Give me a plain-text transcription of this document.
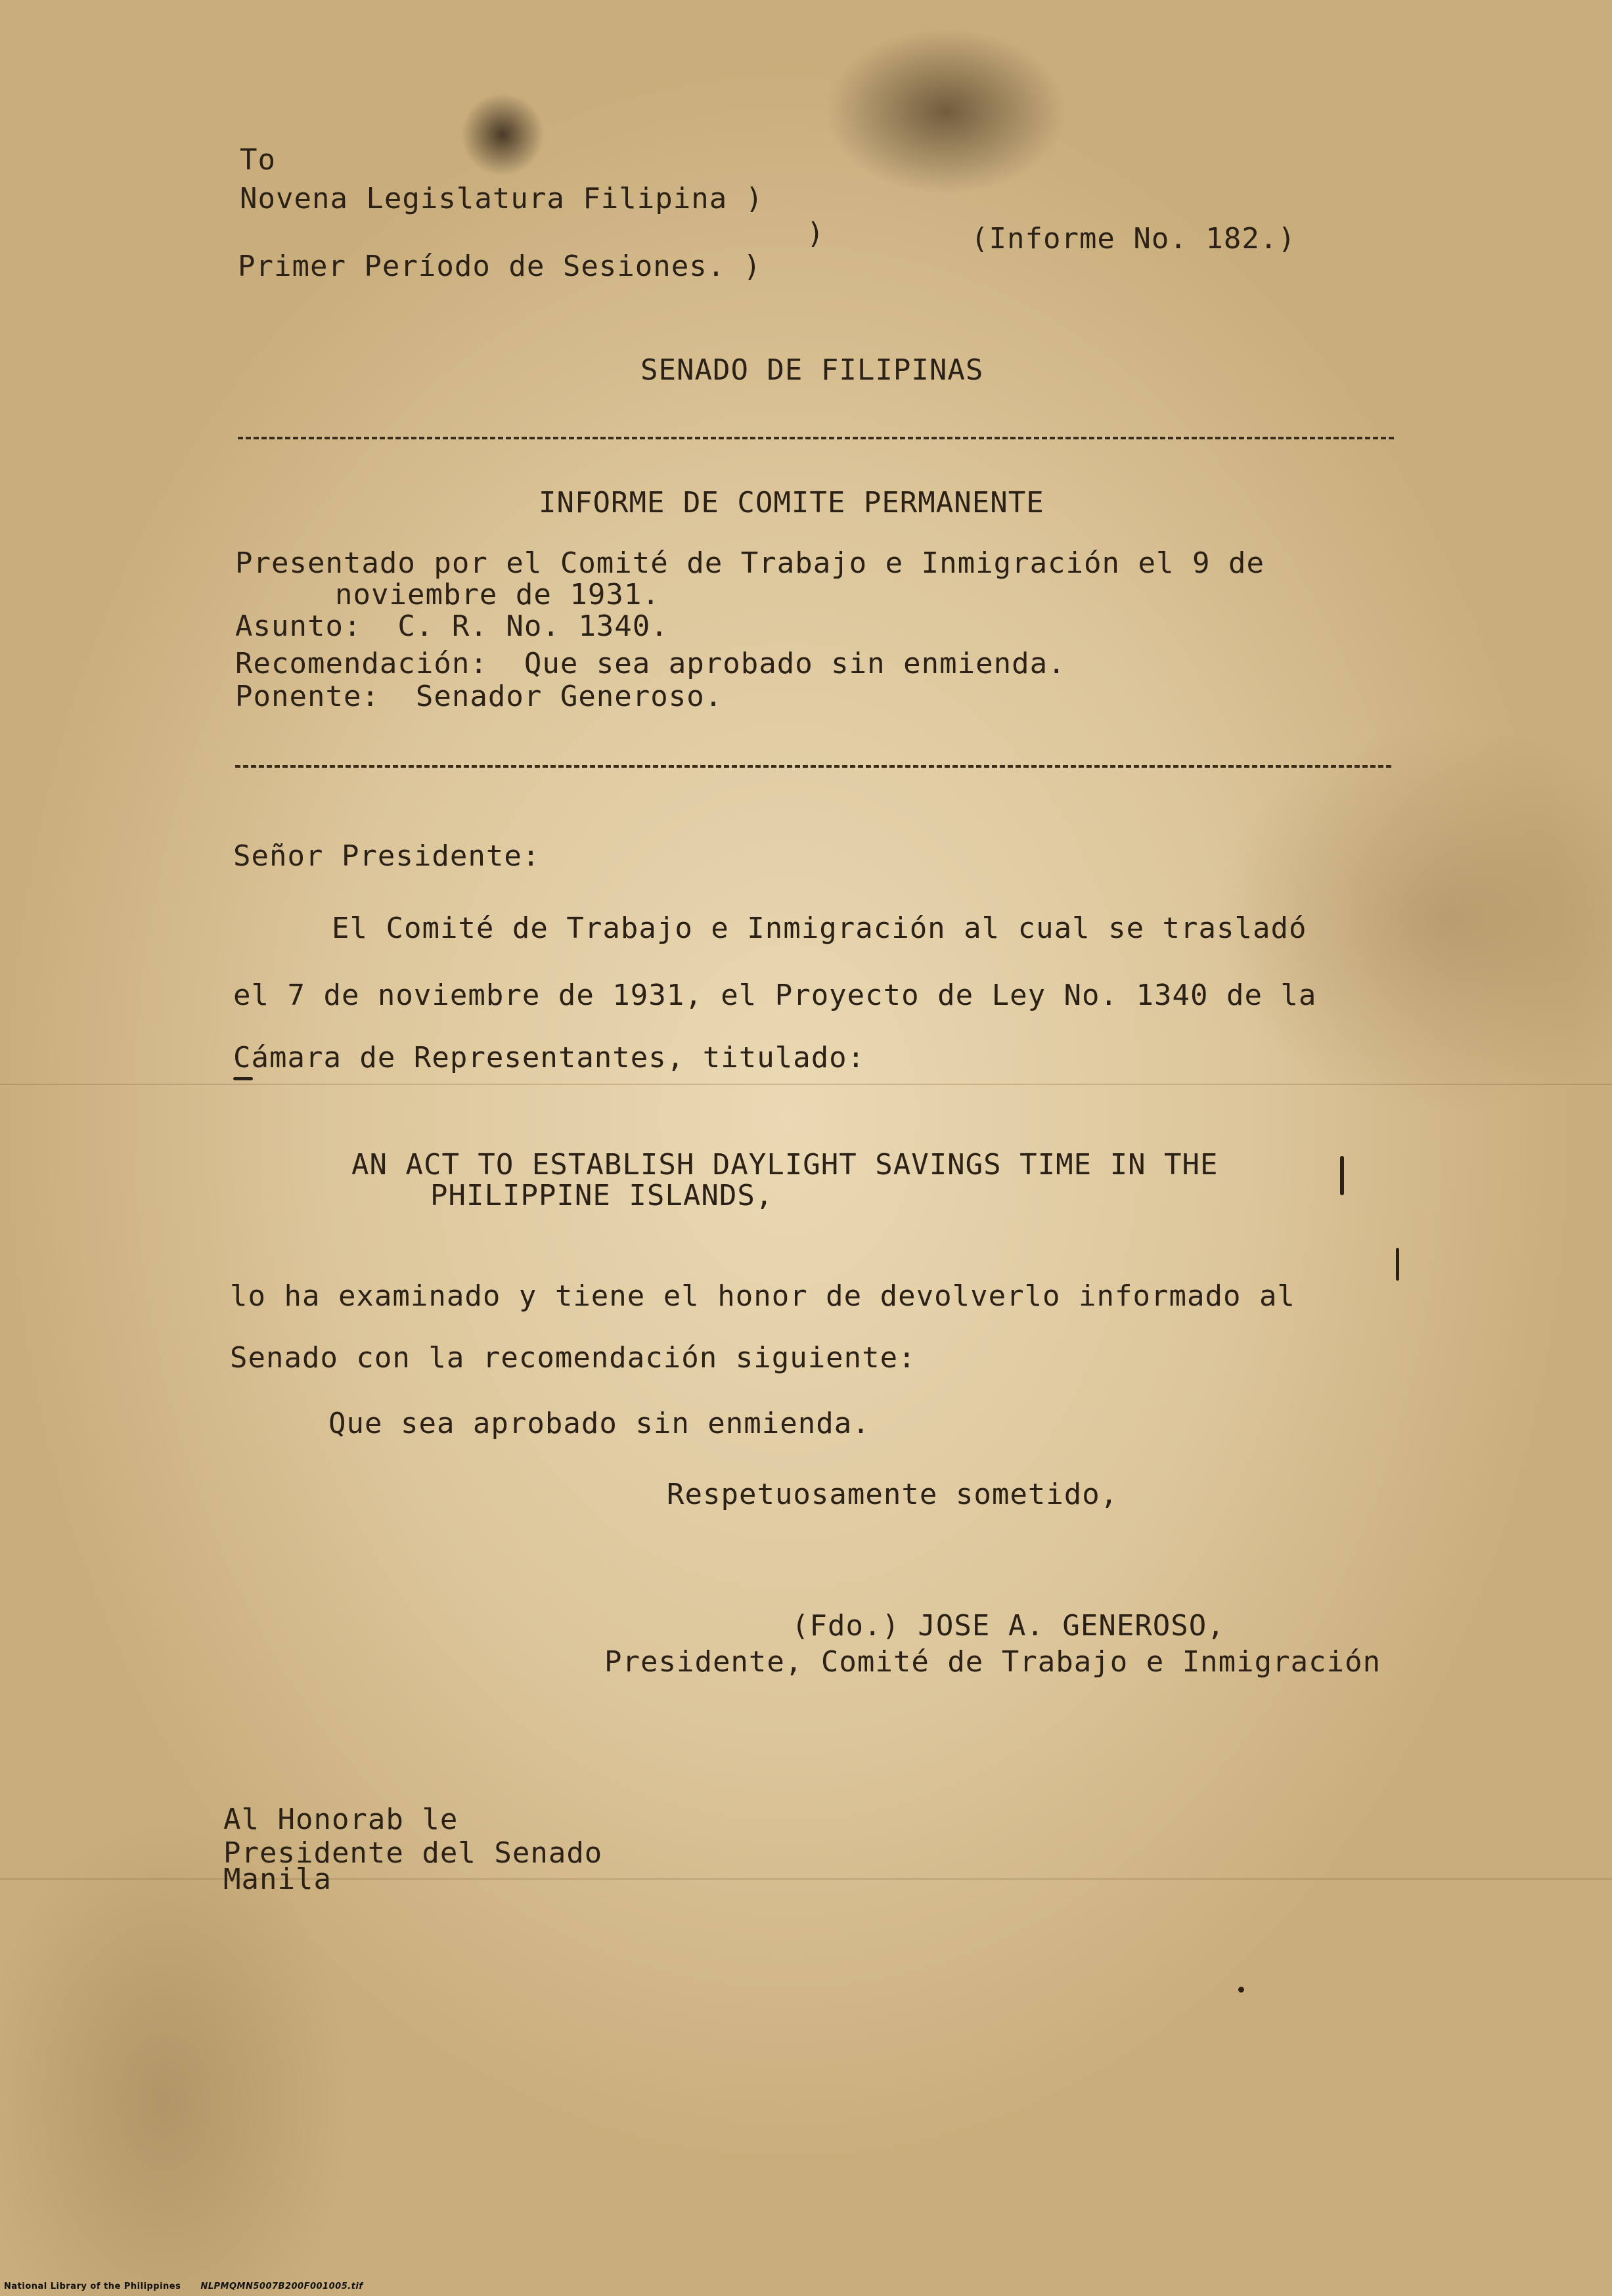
To
Novena Legislatura Filipina )
)
Primer Período de Sesiones. )
(Informe No. 182.)
SENADO DE FILIPINAS
INFORME DE COMITE PERMANENTE
Presentado por el Comité de Trabajo e Inmigración el 9 de
noviembre de 1931.
Asunto:  C. R. No. 1340.
Recomendación:  Que sea aprobado sin enmienda.
Ponente:  Senador Generoso.
Señor Presidente:
El Comité de Trabajo e Inmigración al cual se trasladó
el 7 de noviembre de 1931, el Proyecto de Ley No. 1340 de la
Cámara de Representantes, titulado:
AN ACT TO ESTABLISH DAYLIGHT SAVINGS TIME IN THE
PHILIPPINE ISLANDS,
lo ha examinado y tiene el honor de devolverlo informado al
Senado con la recomendación siguiente:
Que sea aprobado sin enmienda.
Respetuosamente sometido,
(Fdo.) JOSE A. GENEROSO,
Presidente, Comité de Trabajo e Inmigración
Al Honorab le
Presidente del Senado
Manila
National Library of the Philippines NLPMQMN5007B200F001005.tif
